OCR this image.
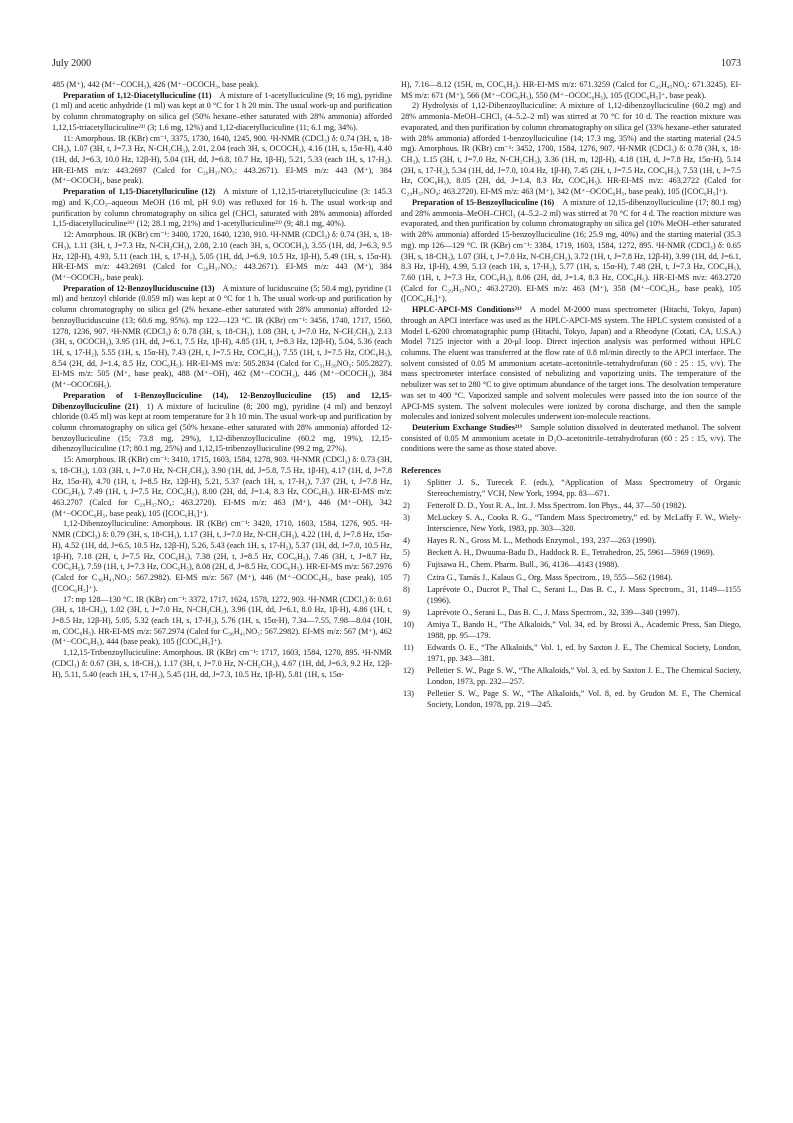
July 2000	1073

485 (M⁺), 442 (M⁺−COCH₃), 426 (M⁺−OCOCH₃, base peak).

Preparation of 1,12-Diacetylluciculine (11)  A mixture of 1-acetylluciculine (9; 16 mg), pyridine (1 ml) and acetic anhydride (1 ml) was kept at 0 °C for 1 h 20 min. The usual work-up and purification by column chromatography on silica gel (50% hexane–ether saturated with 28% ammonia) afforded 1,12,15-triacetylluciculine²³⁾ (3; 1.6 mg, 12%) and 1,12-diacetylluciculine (11; 6.1 mg, 34%).

11: Amorphous. IR (KBr) cm⁻¹, 3375, 1730, 1640, 1245, 900. ¹H-NMR (CDCl₃) δ: 0.74 (3H, s, 18-CH₃), 1.07 (3H, t, J=7.3 Hz, N-CH₂CH₃), 2.01, 2.04 (each 3H, s, OCOCH₃), 4.16 (1H, s, 15α-H), 4.40 (1H, dd, J=6.3, 10.0 Hz, 12β-H), 5.04 (1H, dd, J=6.8, 10.7 Hz, 1β-H), 5.21, 5.33 (each 1H, s, 17-H₂). HR-EI-MS m/z: 443.2697 (Calcd for C₂₆H₃₇NO₅: 443.2671). EI-MS m/z: 443 (M⁺), 384 (M⁺−OCOCH₃, base peak).

Preparation of 1,15-Diacetylluciculine (12)  A mixture of 1,12,15-triacetylluciculine (3: 145.3 mg) and K₂CO₃–aqueous MeOH (16 ml, pH 9.0) was refluxed for 16 h. The usual work-up and purification by column chromatography on silica gel (CHCl₃ saturated with 28% ammonia) afforded 1,15-diacetylluciculine²⁶⁾ (12; 28.1 mg, 21%) and 1-acetylluciculine²³⁾ (9; 48.1 mg, 40%).

12: Amorphous. IR (KBr) cm⁻¹: 3400, 1720, 1640, 1230, 910. ¹H-NMR (CDCl₃) δ: 0.74 (3H, s, 18-CH₃), 1.11 (3H, t, J=7.3 Hz, N-CH₂CH₃), 2.08, 2.10 (each 3H, s, OCOCH₃), 3.55 (1H, dd, J=6.3, 9.5 Hz, 12β-H), 4.93, 5.11 (each 1H, s, 17-H₂), 5.05 (1H, dd, J=6.9, 10.5 Hz, 1β-H), 5.49 (1H, s, 15α-H). HR-EI-MS m/z: 443.2691 (Calcd for C₂₆H₃₇NO₅: 443.2671). EI-MS m/z: 443 (M⁺), 384 (M⁺−OCOCH₃, base peak).

Preparation of 12-Benzoylluciduscuine (13)  A mixture of luciduscuine (5; 50.4 mg), pyridine (1 ml) and benzoyl chloride (0.059 ml) was kept at 0 °C for 1 h. The usual work-up and purification by column chromatography on silica gel (2% hexane–ether saturated with 28% ammonia) afforded 12-benzoylluciduscuine (13; 60.6 mg, 95%). mp 122—123 °C. IR (KBr) cm⁻¹: 3456, 1740, 1717, 1560, 1278, 1236, 907. ¹H-NMR (CDCl₃) δ: 0.78 (3H, s, 18-CH₃), 1.08 (3H, t, J=7.0 Hz, N-CH₂CH₃), 2.13 (3H, s, OCOCH₃), 3.95 (1H, dd, J=6.1, 7.5 Hz, 1β-H), 4.85 (1H, t, J=8.3 Hz, 12β-H), 5.04, 5.36 (each 1H, s, 17-H₂), 5.55 (1H, s, 15α-H), 7.43 (2H, t, J=7.5 Hz, COC₆H₅), 7.55 (1H, t, J=7.5 Hz, COC₆H₅), 8.54 (2H, dd, J=1.4, 8.5 Hz, COC₆H₅). HR-EI-MS m/z: 505.2834 (Calcd for C₃₁H₃₉NO₅: 505.2827). EI-MS m/z: 505 (M⁺, base peak), 488 (M⁺−OH), 462 (M⁺−COCH₃), 446 (M⁺−OCOCH₃), 384 (M⁺−OCOC6H₅).

Preparation of 1-Benzoylluciculine (14), 12-Benzoylluciculine (15) and 12,15-Dibenzoylluciculine (21)  1) A mixture of luciculine (8; 200 mg), pyridine (4 ml) and benzoyl chloride (0.45 ml) was kept at room temperature for 3 h 10 min. The usual work-up and purification by column chromatography on silica gel (50% hexane–ether saturated with 28% ammonia) afforded 12-benzoylluciculine (15; 73.8 mg, 29%), 1,12-dibenzoylluciculine (60.2 mg, 19%), 12,15-dibenzoylluciculine (17; 80.1 mg, 25%) and 1,12,15-tribenzoylluciculine (99.2 mg, 27%).

15: Amorphous. IR (KBr) cm⁻¹: 3410, 1715, 1603, 1584, 1278, 903. ¹H-NMR (CDCl₃) δ: 0.73 (3H, s, 18-CH₃), 1.03 (3H, t, J=7.0 Hz, N-CH₂CH₃), 3.90 (1H, dd, J=5.8, 7.5 Hz, 1β-H), 4.17 (1H, d, J=7.8 Hz, 15α-H), 4.70 (1H, t, J=8.5 Hz, 12β-H), 5.21, 5.37 (each 1H, s, 17-H₂), 7.37 (2H, t, J=7.8 Hz, COC₆H₅), 7.49 (1H, t, J=7.5 Hz, COC₆H₅), 8.00 (2H, dd, J=1.4, 8.3 Hz, COC₆H₅). HR-EI-MS m/z: 463.2707 (Calcd for C₂₉H₃₇NO₄: 463.2720). EI-MS m/z: 463 (M⁺), 446 (M⁺−OH), 342 (M⁺−OCOC₆H₅, base peak), 105 ([COC₆H₅]⁺).

1,12-Dibenzoylluciculine: Amorphous. IR (KBr) cm⁻¹: 3420, 1710, 1603, 1584, 1276, 905. ¹H-NMR (CDCl₃) δ: 0.79 (3H, s, 18-CH₃), 1.17 (3H, t, J=7.0 Hz, N-CH₂CH₃), 4.22 (1H, d, J=7.8 Hz, 15α-H), 4.52 (1H, dd, J=6.5, 10.5 Hz, 12β-H), 5.26, 5.43 (each 1H, s, 17-H₂), 5.37 (1H, dd, J=7.0, 10.5 Hz, 1β-H), 7.18 (2H, t, J=7.5 Hz, COC₆H₅), 7.38 (2H, t, J=8.5 Hz, COC₆H₅), 7.46 (3H, t, J=8.7 Hz, COC₆H₅), 7.59 (1H, t, J=7.3 Hz, COC₆H₅), 8.08 (2H, d, J=8.5 Hz, COC₆H₅). HR-EI-MS m/z: 567.2976 (Calcd for C₃₆H₄₁NO₅: 567.2982). EI-MS m/z: 567 (M⁺), 446 (M⁺−OCOC₆H₅, base peak), 105 ([COC₆H₅]⁺).

17: mp 128—130 °C. IR (KBr) cm⁻¹: 3372, 1717, 1624, 1578, 1272, 903. ¹H-NMR (CDCl₃) δ: 0.61 (3H, s, 18-CH₃), 1.02 (3H, t, J=7.0 Hz, N-CH₂CH₃), 3.96 (1H, dd, J=6.1, 8.0 Hz, 1β-H), 4.86 (1H, t, J=8.5 Hz, 12β-H), 5.05, 5.32 (each 1H, s, 17-H₂), 5.76 (1H, s, 15α-H), 7.34—7.55, 7.98—8.04 (10H, m, COC₆H₅). HR-EI-MS m/z: 567.2974 (Calcd for C₃₆H₄₁NO₅: 567.2982). EI-MS m/z: 567 (M⁺), 462 (M⁺−COC₆H₅), 444 (base peak), 105 ([COC₆H₅]⁺).

1,12,15-Tribenzoylluciculine: Amorphous. IR (KBr) cm⁻¹: 1717, 1603, 1584, 1270, 895. ¹H-NMR (CDCl₃) δ: 0.67 (3H, s, 18-CH₃), 1.17 (3H, t, J=7.0 Hz, N-CH₂CH₃), 4.67 (1H, dd, J=6.3, 9.2 Hz, 12β-H), 5.11, 5.40 (each 1H, s, 17-H₂), 5.45 (1H, dd, J=7.3, 10.5 Hz, 1β-H), 5.81 (1H, s, 15α-

H), 7.16—8.12 (15H, m, COC₆H₅). HR-EI-MS m/z: 671.3259 (Calcd for C₄₃H₄₅NO₆: 671.3245). EI-MS m/z: 671 (M⁺), 566 (M⁺−COC₆H₅), 550 (M⁺−OCOC₆H₅), 105 ([COC₆H₅]⁺, base peak).

2) Hydrolysis of 1,12-Dibenzoylluciculine: A mixture of 1,12-dibenzoylluciculine (60.2 mg) and 28% ammonia–MeOH–CHCl₃ (4–5.2–2 ml) was stirred at 70 °C for 10 d. The reaction mixture was evaporated, and then purification by column chromatography on silica gel (33% hexane–ether saturated with 28% ammonia) afforded 1-benzoylluciculine (14; 17.3 mg, 35%) and the starting material (24.5 mg). Amorphous. IR (KBr) cm⁻¹: 3452, 1700, 1584, 1276, 907. ¹H-NMR (CDCl₃) δ: 0.78 (3H, s, 18-CH₃), 1.15 (3H, t, J=7.0 Hz, N-CH₂CH₃), 3.36 (1H, m, 12β-H), 4.18 (1H, d, J=7.8 Hz, 15α-H), 5.14 (2H, s, 17-H₂), 5.34 (1H, dd, J=7.0, 10.4 Hz, 1β-H), 7.45 (2H, t, J=7.5 Hz, COC₆H₅), 7.53 (1H, t, J=7.5 Hz, COC₆H₅), 8.05 (2H, dd, J=1.4, 8.3 Hz, COC₆H₅). HR-EI-MS m/z: 463.2722 (Calcd for C₂₉H₃₇NO₄: 463.2720). EI-MS m/z: 463 (M⁺), 342 (M⁺−OCOC₆H₅, base peak), 105 ([COC₆H₅]⁺).

Preparation of 15-Benzoylluciculine (16)  A mixture of 12,15-dibenzoylluciculine (17; 80.1 mg) and 28% ammonia–MeOH–CHCl₃ (4–5.2–2 ml) was stirred at 70 °C for 4 d. The reaction mixture was evaporated, and then purification by column chromatography on silica gel (10% MeOH–ether saturated with 28% ammonia) afforded 15-benzoylluciculine (16; 25.9 mg, 40%) and the starting material (35.3 mg). mp 126—129 °C. IR (KBr) cm⁻¹: 3384, 1719, 1603, 1584, 1272, 895. ¹H-NMR (CDCl₃) δ: 0.65 (3H, s, 18-CH₃), 1.07 (3H, t, J=7.0 Hz, N-CH₂CH₃), 3.72 (1H, t, J=7.8 Hz, 12β-H), 3.99 (1H, dd, J=6.1, 8.3 Hz, 1β-H), 4.99, 5.13 (each 1H, s, 17-H₂), 5.77 (1H, s, 15α-H), 7.48 (2H, t, J=7.3 Hz, COC₆H₅), 7.60 (1H, t, J=7.3 Hz, COC₆H₅), 8.06 (2H, dd, J=1.4, 8.3 Hz, COC₆H₅). HR-EI-MS m/z: 463.2720 (Calcd for C₂₉H₃₇NO₄: 463.2720). EI-MS m/z: 463 (M⁺), 358 (M⁺−COC₆H₅, base peak), 105 ([COC₆H₅]⁺).

HPLC-APCI-MS Conditions²¹⁾  A model M-2000 mass spectrometer (Hitachi, Tokyo, Japan) through an APCI interface was used as the HPLC-APCI-MS system. The HPLC system consisted of a Model L-6200 chromatographic pump (Hitachi, Tokyo, Japan) and a Rheodyne (Cotati, CA, U.S.A.) Model 7125 injector with a 20-μl loop. Direct injection analysis was performed without HPLC columns. The eluent was transferred at the flow rate of 0.8 ml/min directly to the APCI interface. The solvent consisted of 0.05 M ammonium acetate–acetonitrile–tetrahydrofuran (60 : 25 : 15, v/v). The mass spectrometer interface consisted of nebulizing and vaporizing units. The temperature of the nebulizer was set to 280 °C to give optimum abundance of the target ions. The desolvation temperature was set to 400 °C. Vaporized sample and solvent molecules were passed into the ion source of the APCI-MS system. The solvent molecules were ionized by corona discharge, and then the sample molecules and ionized solvent molecules underwent ion-molecule reactions.

Deuterium Exchange Studies²¹⁾  Sample solution dissolved in deuterated methanol. The solvent consisted of 0.05 M ammonium acetate in D₂O–acetonitrile–tetrahydrofuran (60 : 25 : 15, v/v). The conditions were the same as those stated above.

References
1)	Splitter J. S., Turecek F. (eds.), “Application of Mass Spectrometry of Organic Stereochemistry,” VCH, New York, 1994, pp. 83—671.
2)	Fetterolf D. D., Yost R. A., Int. J. Mss Spectrom. Ion Phys., 44, 37—50 (1982).
3)	McLuckey S. A., Cooks R. G., “Tandem Mass Spectrometry,” ed. by McLaffy F. W., Wiely-Interscience, New York, 1983, pp. 303—320.
4)	Hayes R. N., Gross M. L., Methods Enzymol., 193, 237—263 (1990).
5)	Beckett A. H., Dwuuma-Badu D., Haddock R. E., Tetrahedron, 25, 5961—5969 (1969).
6)	Fujisawa H., Chem. Pharm. Bull., 36, 4136—4143 (1988).
7)	Czira G., Tamás J., Kalaus G., Org. Mass Spectrom., 19, 555—562 (1984).
8)	Laprévote O., Ducrot P., Thal C., Serani L., Das B. C., J. Mass Spectrom., 31, 1149—1155 (1996).
9)	Laprévote O., Serani L., Das B. C., J. Mass Spectrom., 32, 339—340 (1997).
10)	Amiya T., Bando H., “The Alkaloids,” Vol. 34, ed. by Brossi A., Academic Press, San Diego, 1988, pp. 95—179.
11)	Edwards O. E., “The Alkaloids,” Vol. 1, ed. by Saxton J. E., The Chemical Society, London, 1971, pp. 343—381.
12)	Pelletier S. W., Page S. W., “The Alkaloids,” Vol. 3, ed. by Saxton J. E., The Chemical Society, London, 1973, pp. 232—257.
13)	Pelletier S. W., Page S. W., “The Alkaloids,” Vol. 8, ed. by Grudon M. F., The Chemical Society, London, 1978, pp. 219—245.
